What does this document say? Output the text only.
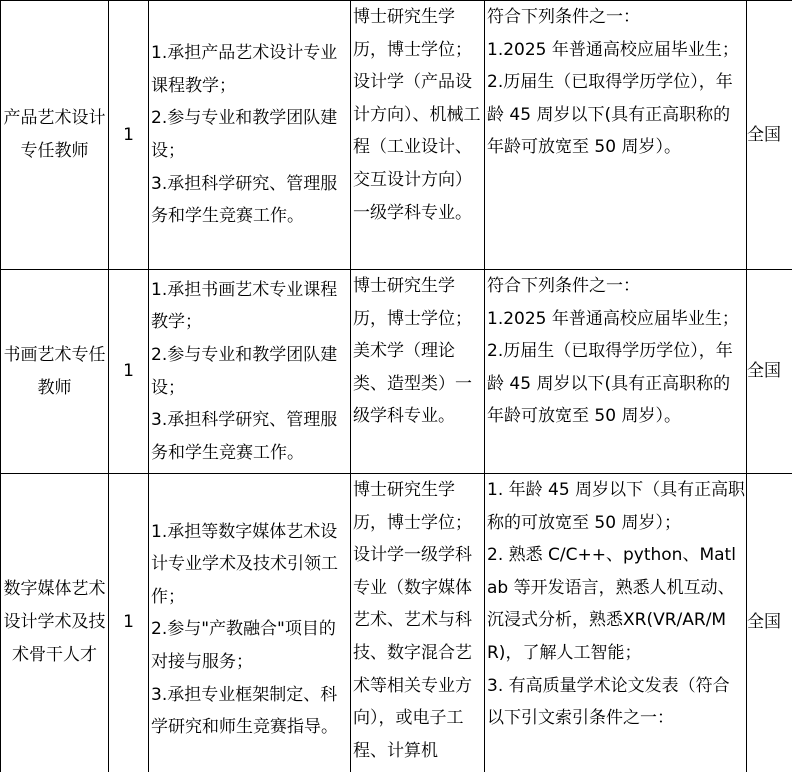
产品艺术设计专任教师	1	1.承担产品艺术设计专业课程教学；
2.参与专业和教学团队建设；
3.承担科学研究、管理服务和学生竞赛工作。	博士研究生学历，博士学位；设计学（产品设计方向）、机械工程（工业设计、交互设计方向）一级学科专业。	符合下列条件之一：
1.2025 年普通高校应届毕业生；
2.历届生（已取得学历学位），年龄 45 周岁以下(具有正高职称的年龄可放宽至 50 周岁）。	全国
书画艺术专任教师	1	1.承担书画艺术专业课程教学；
2.参与专业和教学团队建设；
3.承担科学研究、管理服务和学生竞赛工作。	博士研究生学历，博士学位；美术学（理论类、造型类）一级学科专业。	符合下列条件之一：
1.2025 年普通高校应届毕业生；
2.历届生（已取得学历学位），年龄 45 周岁以下(具有正高职称的年龄可放宽至 50 周岁）。	全国
数字媒体艺术设计学术及技术骨干人才	1	1.承担等数字媒体艺术设计专业学术及技术引领工作；
2.参与"产教融合"项目的对接与服务；
3.承担专业框架制定、科学研究和师生竞赛指导。	博士研究生学历，博士学位；设计学一级学科专业（数字媒体艺术、艺术与科技、数字混合艺术等相关专业方向），或电子工程、计算机	1. 年龄 45 周岁以下（具有正高职称的可放宽至 50 周岁）；
2. 熟悉 C/C++、python、Matlab 等开发语言，熟悉人机互动、沉浸式分析，熟悉XR(VR/AR/MR)，了解人工智能；
3. 有高质量学术论文发表（符合以下引文索引条件之一：	全国
